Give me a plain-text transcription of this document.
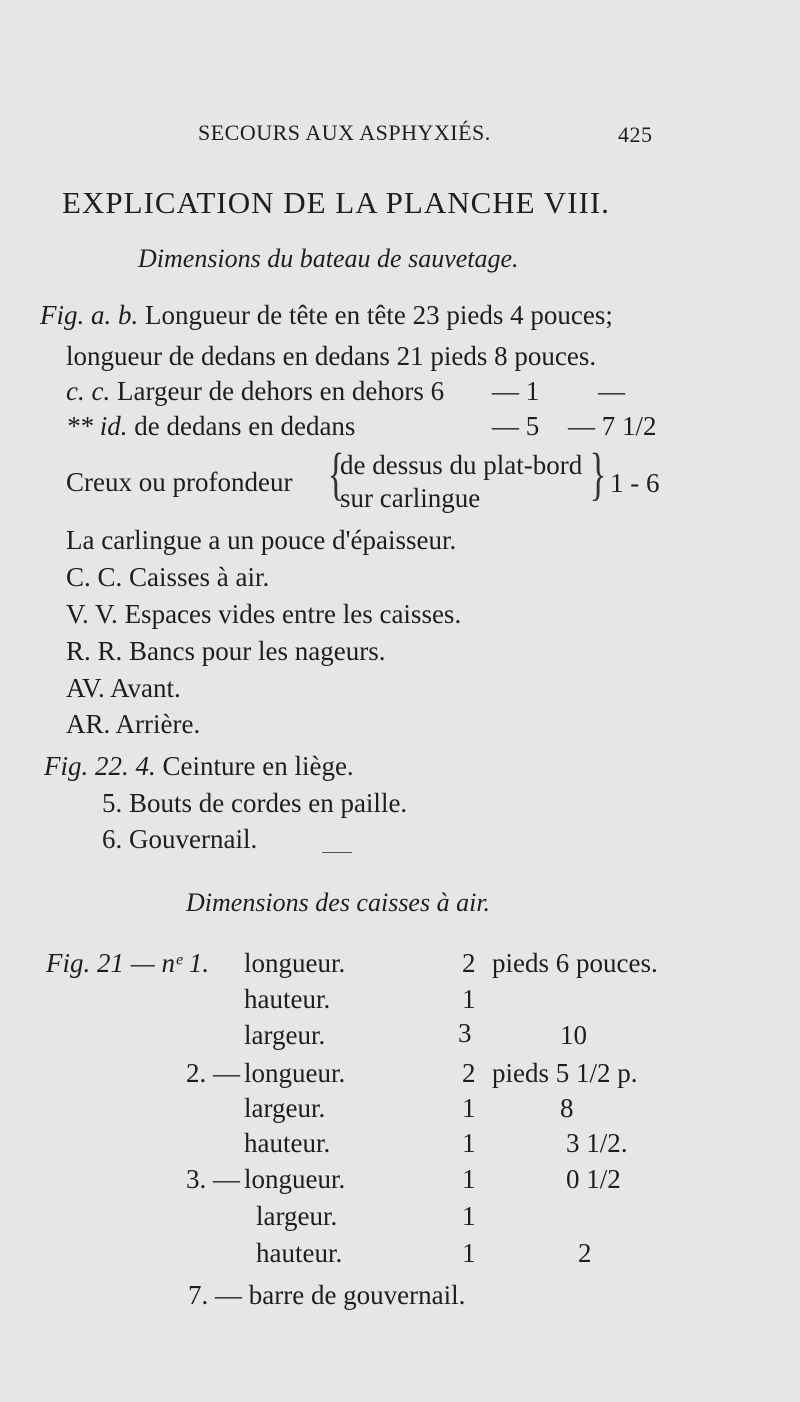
SECOURS AUX ASPHYXIÉS.	425
EXPLICATION DE LA PLANCHE VIII.
Dimensions du bateau de sauvetage.
Fig. a. b. Longueur de tête en tête 23 pieds 4 pouces;
longueur de dedans en dedans 21 pieds 8 pouces.
c. c. Largeur de dehors en dehors 6 — 1 —
** id. de dedans en dedans	— 5 — 7 1/2
Creux ou profondeur {
de dessus du plat-bord
sur carlingue } 1 - 6
La carlingue a un pouce d'épaisseur.
C. C. Caisses à air.
V. V. Espaces vides entre les caisses.
R. R. Bancs pour les nageurs.
AV. Avant.
AR. Arrière.
Fig. 22. 4. Ceinture en liège.
5. Bouts de cordes en paille.
6. Gouvernail.
Dimensions des caisses à air.
Fig. 21 — nᵉ 1. longueur.	2 pieds 6 pouces.
hauteur.	1
largeur.	3	10
2. — longueur.	2 pieds 5 1/2 p.
largeur.	1	8
hauteur.	1	3 1/2.
3. — longueur.	1	0 1/2
largeur.	1
hauteur.	1	2
7. — barre de gouvernail.
